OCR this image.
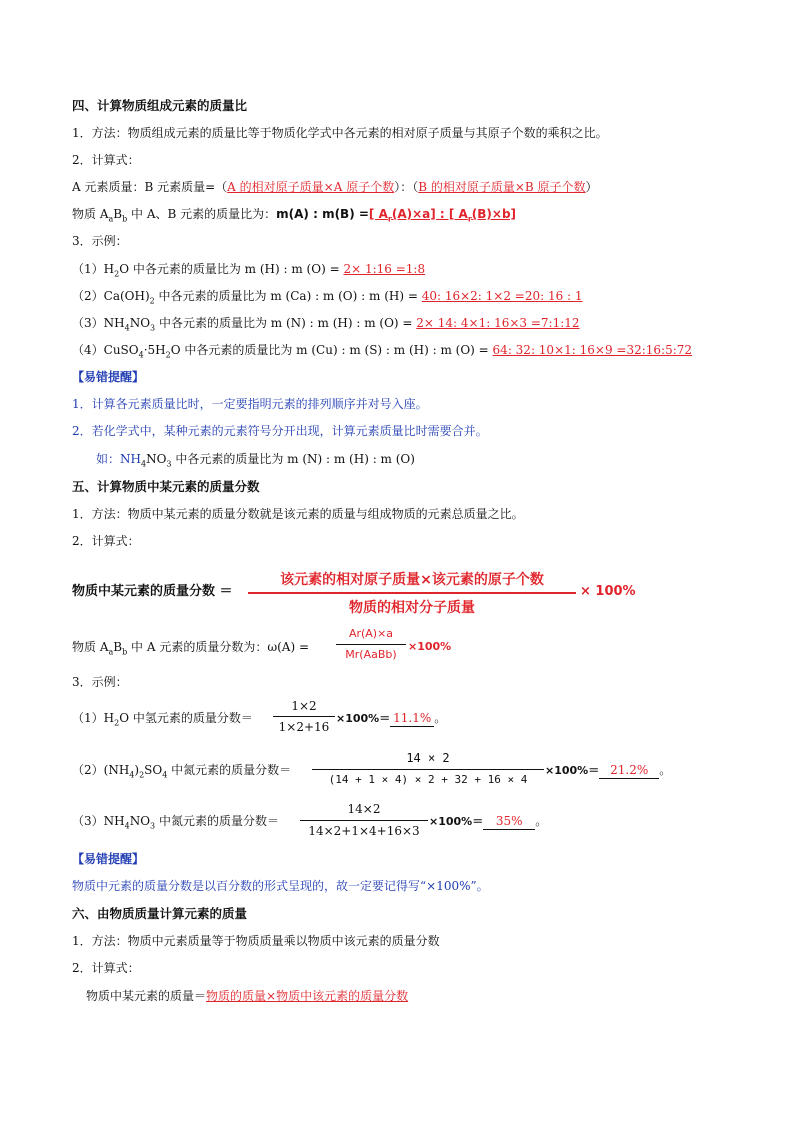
四、计算物质组成元素的质量比
1．方法：物质组成元素的质量比等于物质化学式中各元素的相对原子质量与其原子个数的乘积之比。
2．计算式：
A 元素质量：B 元素质量=（A 的相对原子质量×A 原子个数）：（B 的相对原子质量×B 原子个数）
物质 $A_aB_b$ 中 A、B 元素的质量比为：m(A) : m(B) =[ $A_r(A)\times a$] : [ $A_r(B)\times b$]
3．示例：
$(1)H_2O$ 中各元素的质量比为 m (H) : m (O) = 2× 1:16 =1:8
$(2)Ca(OH)_2$ 中各元素的质量比为 m (Ca) : m (O) : m (H) = 40: 16×2: 1×2 =20: 16 : 1
$(3)NH_4NO_3$ 中各元素的质量比为 m (N) : m (H) : m (O) = 2× 14: 4×1: 16×3 =7:1:12
$(4)CuSO_4\cdot 5H_2O$ 中各元素的质量比为 m (Cu) : m (S) : m (H) : m (O) = 64: 32: 10×1: 16×9 =32:16:5:72
【易错提醒】
1．计算各元素质量比时，一定要指明元素的排列顺序并对号入座。
2．若化学式中，某种元素的元素符号分开出现，计算元素质量比时需要合并。
如：$NH_4NO_3$ 中各元素的质量比为 m (N) : m (H) : m (O)
五、计算物质中某元素的质量分数
1．方法：物质中某元素的质量分数就是该元素的质量与组成物质的元素总质量之比。
2．计算式：
物质中某元素的质量分数 ＝
该元素的相对原子质量×该元素的原子个数
物质的相对分子质量
× 100%
物质 $A_aB_b$ 中 A 元素的质量分数为：ω(A) =
Ar(A)×a
Mr(AaBb)
×100%
3．示例：
$(1)H_2O$ 中氢元素的质量分数＝
1×2
1×2+16
×100%＝ 11.1% 。
$(2)(NH_4)_2SO_4$ 中氮元素的质量分数＝
14 × 2
(14 + 1 × 4) × 2 + 32 + 16 × 4
×100%＝ 21.2% 。
$(3)NH_4NO_3$ 中氮元素的质量分数＝
14×2
14×2+1×4+16×3
×100%＝ 35% 。
【易错提醒】
物质中元素的质量分数是以百分数的形式呈现的，故一定要记得写“×100%”。
六、由物质质量计算元素的质量
1．方法：物质中元素质量等于物质质量乘以物质中该元素的质量分数
2．计算式：
物质中某元素的质量＝物质的质量×物质中该元素的质量分数
